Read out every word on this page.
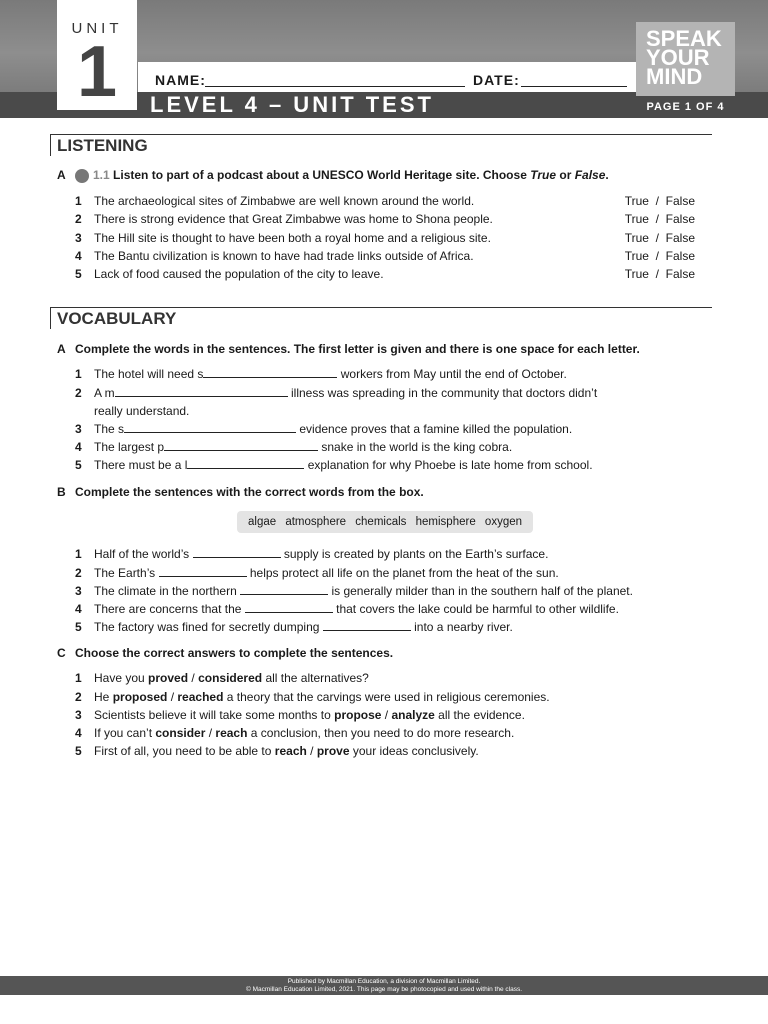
UNIT
1	NAME:	DATE:
LEVEL 4 – UNIT TEST
SPEAK
YOUR
MIND
PAGE 1 OF 4
LISTENING
A 1.1 Listen to part of a podcast about a UNESCO World Heritage site. Choose True or False.
1 The archaeological sites of Zimbabwe are well known around the world.	True  /  False
2 There is strong evidence that Great Zimbabwe was home to Shona people.	True  /  False
3 The Hill site is thought to have been both a royal home and a religious site.	True  /  False
4 The Bantu civilization is known to have had trade links outside of Africa.	True  /  False
5 Lack of food caused the population of the city to leave.	True  /  False
VOCABULARY
A Complete the words in the sentences. The first letter is given and there is one space for each letter.
1 The hotel will need s	workers from May until the end of October.
2 A m	illness was spreading in the community that doctors didn’t
really understand.
3 The s	evidence proves that a famine killed the population.
4 The largest p	snake in the world is the king cobra.
5 There must be a l	explanation for why Phoebe is late home from school.
B Complete the sentences with the correct words from the box.
algae atmosphere chemicals hemisphere oxygen
1 Half of the world’s	supply is created by plants on the Earth’s surface.
2 The Earth’s	helps protect all life on the planet from the heat of the sun.
3 The climate in the northern	is generally milder than in the southern half of the planet.
4 There are concerns that the	that covers the lake could be harmful to other wildlife.
5 The factory was fined for secretly dumping	into a nearby river.
C Choose the correct answers to complete the sentences.
1 Have you proved / considered all the alternatives?
2 He proposed / reached a theory that the carvings were used in religious ceremonies.
3 Scientists believe it will take some months to propose / analyze all the evidence.
4 If you can’t consider / reach a conclusion, then you need to do more research.
5 First of all, you need to be able to reach / prove your ideas conclusively.
Published by Macmillan Education, a division of Macmillan Limited.
© Macmillan Education Limited, 2021. This page may be photocopied and used within the class.
